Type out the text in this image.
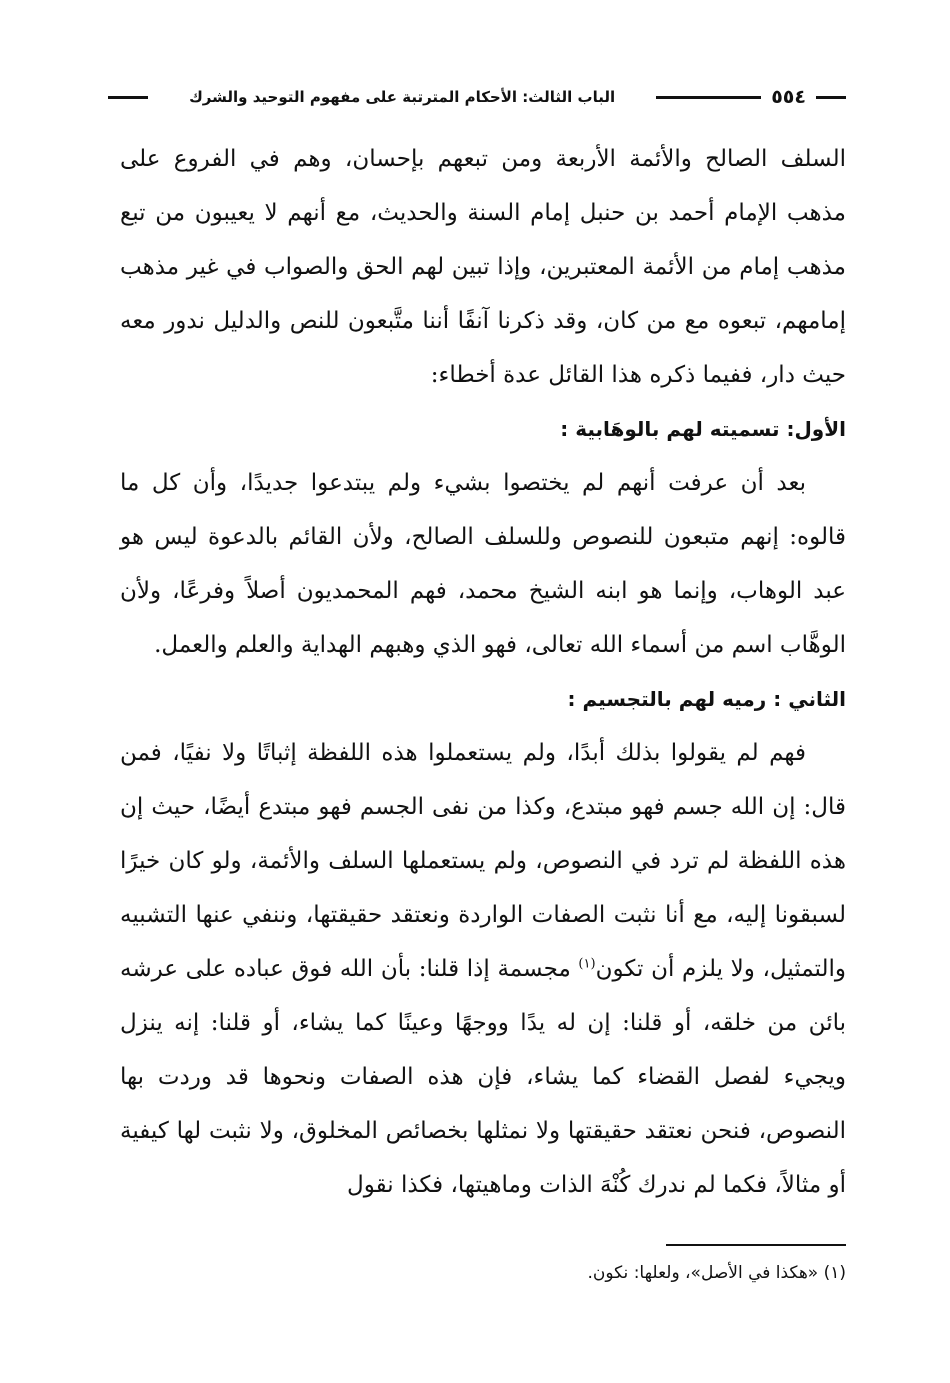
٥٥٤
الباب الثالث: الأحكام المترتبة على مفهوم التوحيد والشرك

السلف الصالح والأئمة الأربعة ومن تبعهم بإحسان، وهم في الفروع على مذهب الإمام أحمد بن حنبل إمام السنة والحديث، مع أنهم لا يعيبون من تبع مذهب إمام من الأئمة المعتبرين، وإذا تبين لهم الحق والصواب في غير مذهب إمامهم، تبعوه مع من كان، وقد ذكرنا آنفًا أننا متَّبعون للنص والدليل ندور معه حيث دار، ففيما ذكره هذا القائل عدة أخطاء:

الأول: تسميته لهم بالوهَابية :

بعد أن عرفت أنهم لم يختصوا بشيء ولم يبتدعوا جديدًا، وأن كل ما قالوه: إنهم متبعون للنصوص وللسلف الصالح، ولأن القائم بالدعوة ليس هو عبد الوهاب، وإنما هو ابنه الشيخ محمد، فهم المحمديون أصلاً وفرعًا، ولأن الوهَّاب اسم من أسماء الله تعالى، فهو الذي وهبهم الهداية والعلم والعمل.

الثاني : رميه لهم بالتجسيم :

فهم لم يقولوا بذلك أبدًا، ولم يستعملوا هذه اللفظة إثباتًا ولا نفيًا، فمن قال: إن الله جسم فهو مبتدع، وكذا من نفى الجسم فهو مبتدع أيضًا، حيث إن هذه اللفظة لم ترد في النصوص، ولم يستعملها السلف والأئمة، ولو كان خيرًا لسبقونا إليه، مع أنا نثبت الصفات الواردة ونعتقد حقيقتها، وننفي عنها التشبيه والتمثيل، ولا يلزم أن تكون$^{(١)}$ مجسمة إذا قلنا: بأن الله فوق عباده على عرشه بائن من خلقه، أو قلنا: إن له يدًا ووجهًا وعينًا كما يشاء، أو قلنا: إنه ينزل ويجيء لفصل القضاء كما يشاء، فإن هذه الصفات ونحوها قد وردت بها النصوص، فنحن نعتقد حقيقتها ولا نمثلها بخصائص المخلوق، ولا نثبت لها كيفية أو مثالاً، فكما لم ندرك كُنْهَ الذات وماهيتها، فكذا نقول

(١) «هكذا في الأصل»، ولعلها: نكون.
